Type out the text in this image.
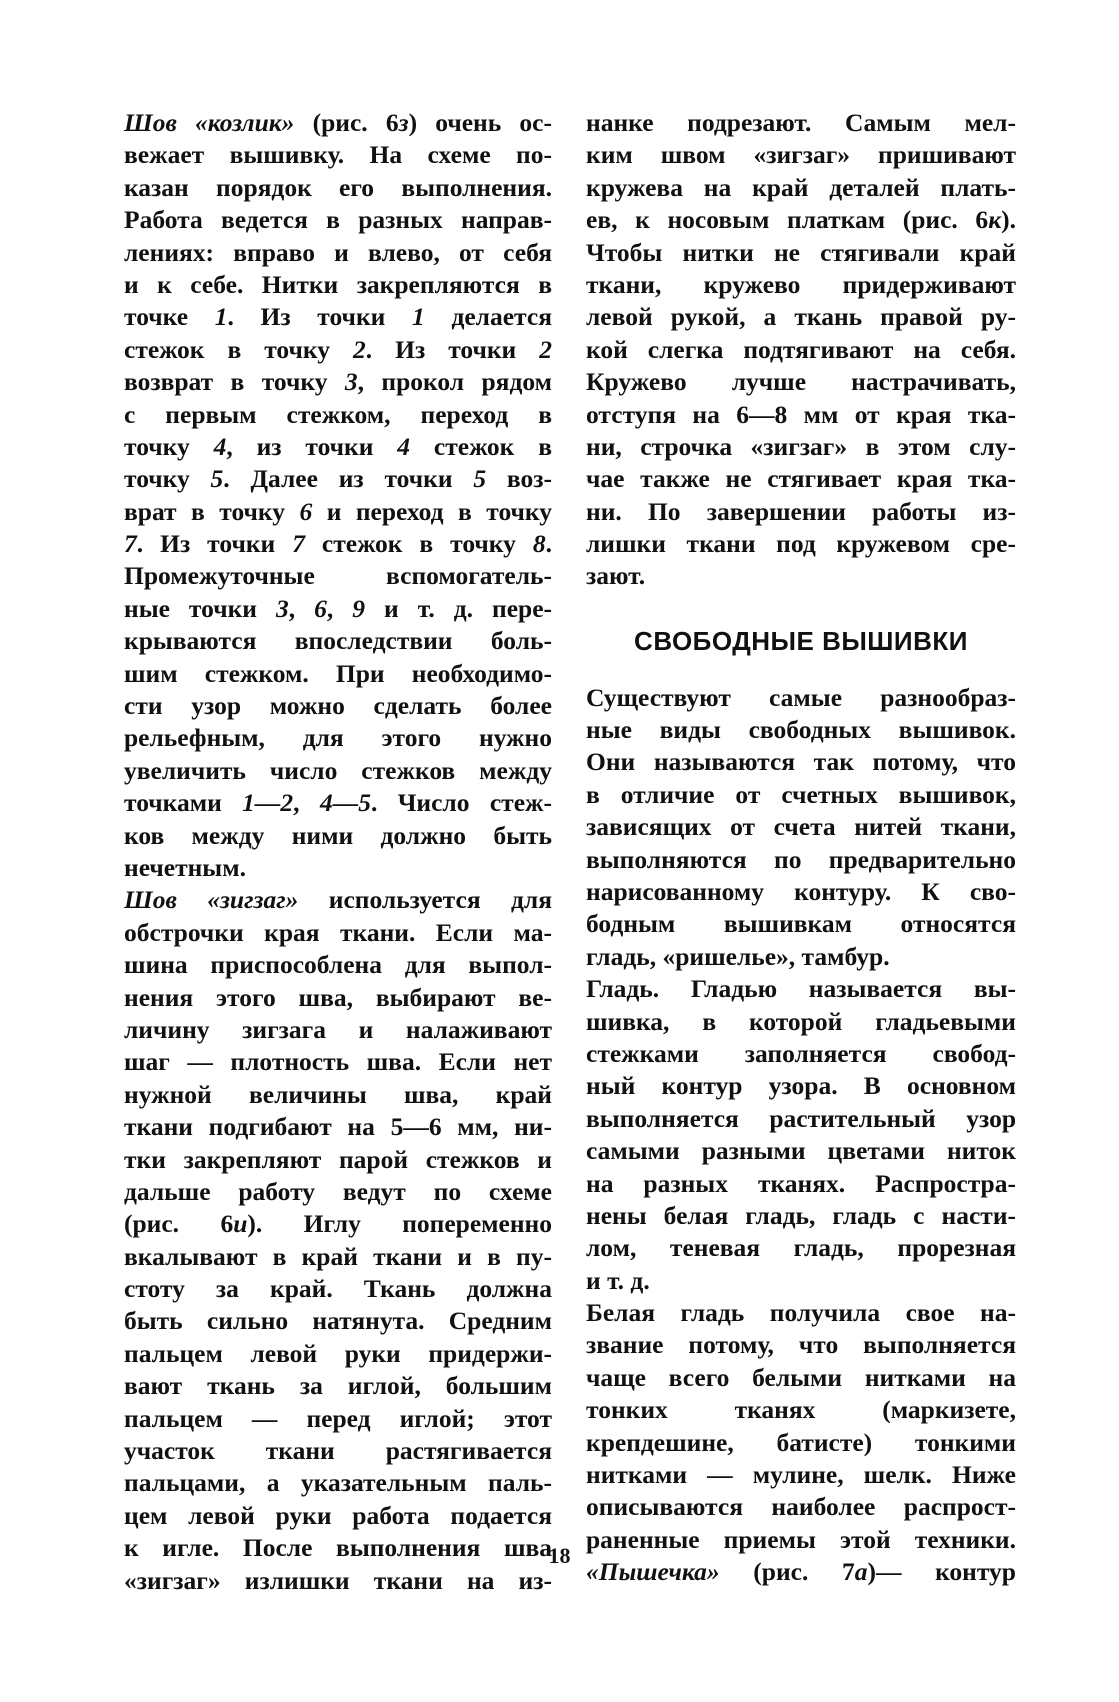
Шов «козлик» (рис. 6з) очень ос-
вежает вышивку. На схеме по-
казан порядок его выполнения.
Работа ведется в разных направ-
лениях: вправо и влево, от себя
и к себе. Нитки закрепляются в
точке 1. Из точки 1 делается
стежок в точку 2. Из точки 2
возврат в точку 3, прокол рядом
с первым стежком, переход в
точку 4, из точки 4 стежок в
точку 5. Далее из точки 5 воз-
врат в точку 6 и переход в точку
7. Из точки 7 стежок в точку 8.
Промежуточные вспомогатель-
ные точки 3, 6, 9 и т. д. пере-
крываются впоследствии боль-
шим стежком. При необходимо-
сти узор можно сделать более
рельефным, для этого нужно
увеличить число стежков между
точками 1—2, 4—5. Число стеж-
ков между ними должно быть
нечетным.
Шов «зигзаг» используется для
обстрочки края ткани. Если ма-
шина приспособлена для выпол-
нения этого шва, выбирают ве-
личину зигзага и налаживают
шаг — плотность шва. Если нет
нужной величины шва, край
ткани подгибают на 5—6 мм, ни-
тки закрепляют парой стежков и
дальше работу ведут по схеме
(рис. 6и). Иглу попеременно
вкалывают в край ткани и в пу-
стоту за край. Ткань должна
быть сильно натянута. Средним
пальцем левой руки придержи-
вают ткань за иглой, большим
пальцем — перед иглой; этот
участок ткани растягивается
пальцами, а указательным паль-
цем левой руки работа подается
к игле. После выполнения шва
«зигзаг» излишки ткани на из-
нанке подрезают. Самым мел-
ким швом «зигзаг» пришивают
кружева на край деталей плать-
ев, к носовым платкам (рис. 6к).
Чтобы нитки не стягивали край
ткани, кружево придерживают
левой рукой, а ткань правой ру-
кой слегка подтягивают на себя.
Кружево лучше настрачивать,
отступя на 6—8 мм от края тка-
ни, строчка «зигзаг» в этом слу-
чае также не стягивает края тка-
ни. По завершении работы из-
лишки ткани под кружевом сре-
зают.
СВОБОДНЫЕ ВЫШИВКИ
Существуют самые разнообраз-
ные виды свободных вышивок.
Они называются так потому, что
в отличие от счетных вышивок,
зависящих от счета нитей ткани,
выполняются по предварительно
нарисованному контуру. К сво-
бодным вышивкам относятся
гладь, «ришелье», тамбур.
Гладь. Гладью называется вы-
шивка, в которой гладьевыми
стежками заполняется свобод-
ный контур узора. В основном
выполняется растительный узор
самыми разными цветами ниток
на разных тканях. Распростра-
нены белая гладь, гладь с насти-
лом, теневая гладь, прорезная
и т. д.
Белая гладь получила свое на-
звание потому, что выполняется
чаще всего белыми нитками на
тонких тканях (маркизете,
крепдешине, батисте) тонкими
нитками — мулине, шелк. Ниже
описываются наиболее распрост-
раненные приемы этой техники.
«Пышечка» (рис. 7а)— контур
18
